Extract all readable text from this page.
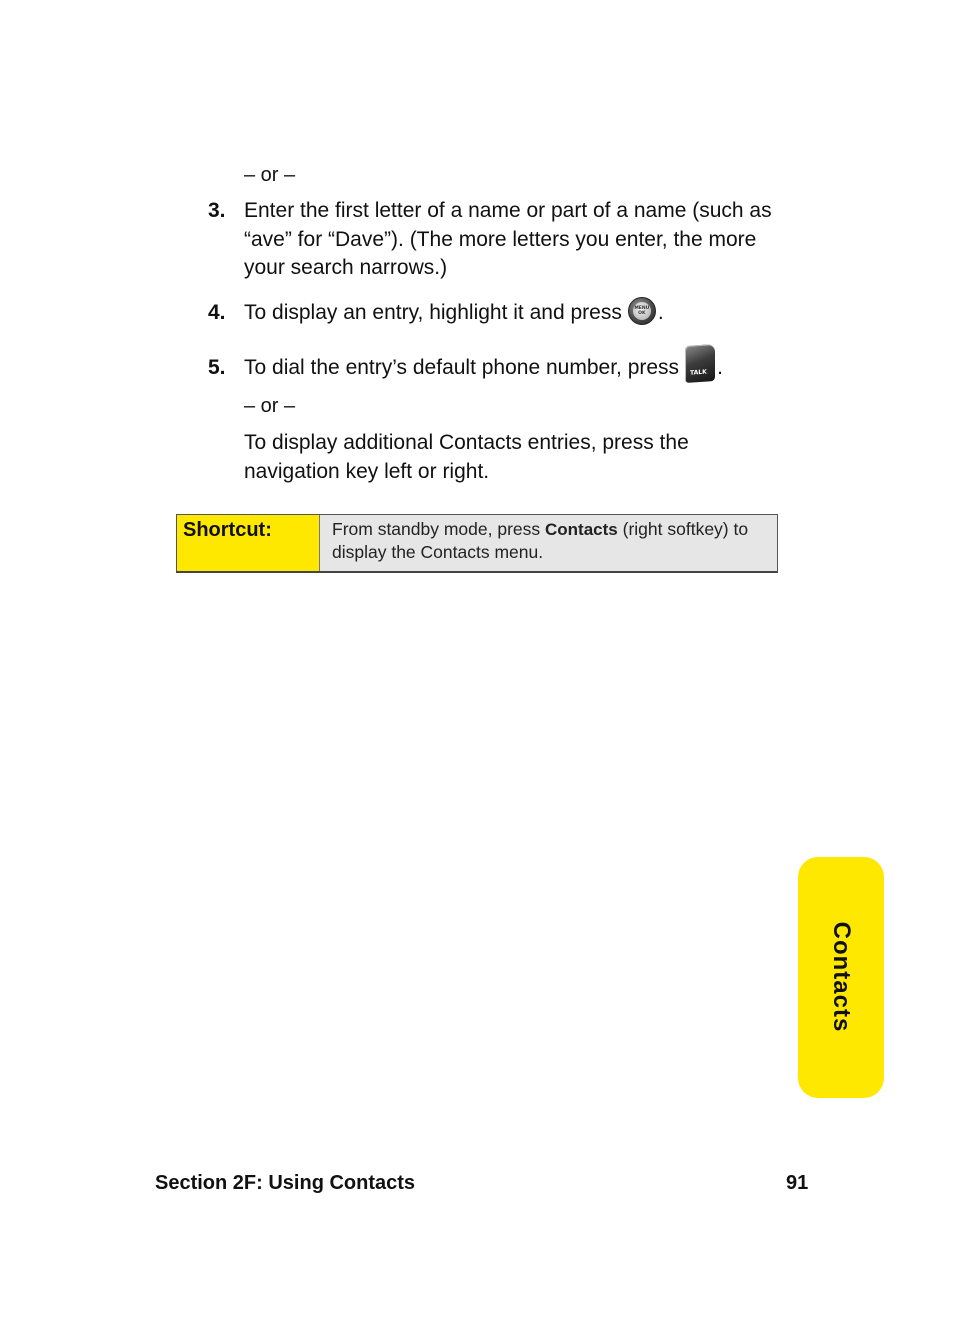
– or –
3. Enter the first letter of a name or part of a name (such as “ave” for “Dave”). (The more letters you enter, the more your search narrows.)
4. To display an entry, highlight it and press	MENU
OK .
5. To dial the entry’s default phone number, press TALK .
– or –
To display additional Contacts entries, press the navigation key left or right.
Shortcut:	From standby mode, press Contacts (right softkey) to display the Contacts menu.
Contacts
Section 2F: Using Contacts	91
